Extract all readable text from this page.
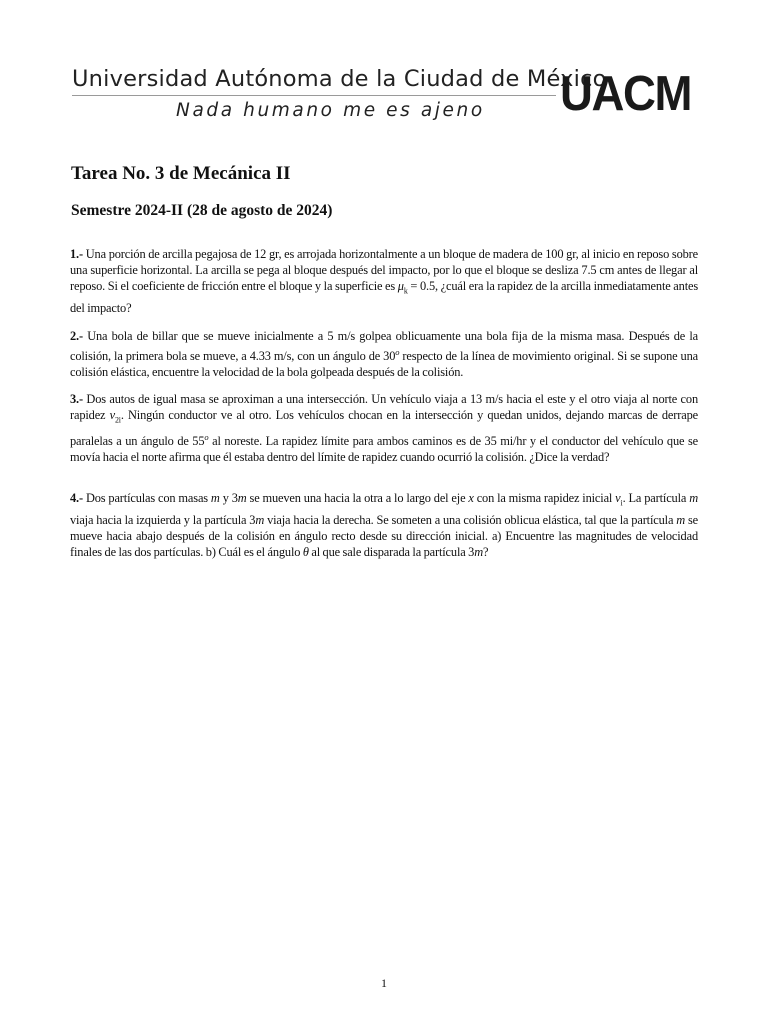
Universidad Autónoma de la Ciudad de México
Nada humano me es ajeno UACM
Tarea No. 3 de Mecánica II
Semestre 2024-II (28 de agosto de 2024)

1.- Una porción de arcilla pegajosa de 12 gr, es arrojada horizontalmente a un bloque de madera de 100 gr, al inicio en reposo sobre una superficie horizontal. La arcilla se pega al bloque después del impacto, por lo que el bloque se desliza 7.5 cm antes de llegar al reposo. Si el coeficiente de fricción entre el bloque y la superficie es $\mu_k = 0.5$, ¿cuál era la rapidez de la arcilla inmediatamente antes del impacto?

2.- Una bola de billar que se mueve inicialmente a 5 m/s golpea oblicuamente una bola fija de la misma masa. Después de la colisión, la primera bola se mueve, a 4.33 m/s, con un ángulo de 30$^o$ respecto de la línea de movimiento original. Si se supone una colisión elástica, encuentre la velocidad de la bola golpeada después de la colisión.

3.- Dos autos de igual masa se aproximan a una intersección. Un vehículo viaja a 13 m/s hacia el este y el otro viaja al norte con rapidez $v_{2i}$. Ningún conductor ve al otro. Los vehículos chocan en la intersección y quedan unidos, dejando marcas de derrape paralelas a un ángulo de 55$^o$ al noreste. La rapidez límite para ambos caminos es de 35 mi/hr y el conductor del vehículo que se movía hacia el norte afirma que él estaba dentro del límite de rapidez cuando ocurrió la colisión. ¿Dice la verdad?

4.- Dos partículas con masas m y 3m se mueven una hacia la otra a lo largo del eje x con la misma rapidez inicial $v_i$. La partícula m viaja hacia la izquierda y la partícula 3m viaja hacia la derecha. Se someten a una colisión oblicua elástica, tal que la partícula m se mueve hacia abajo después de la colisión en ángulo recto desde su dirección inicial. a) Encuentre las magnitudes de velocidad finales de las dos partículas. b) Cuál es el ángulo θ al que sale disparada la partícula 3m?

1
